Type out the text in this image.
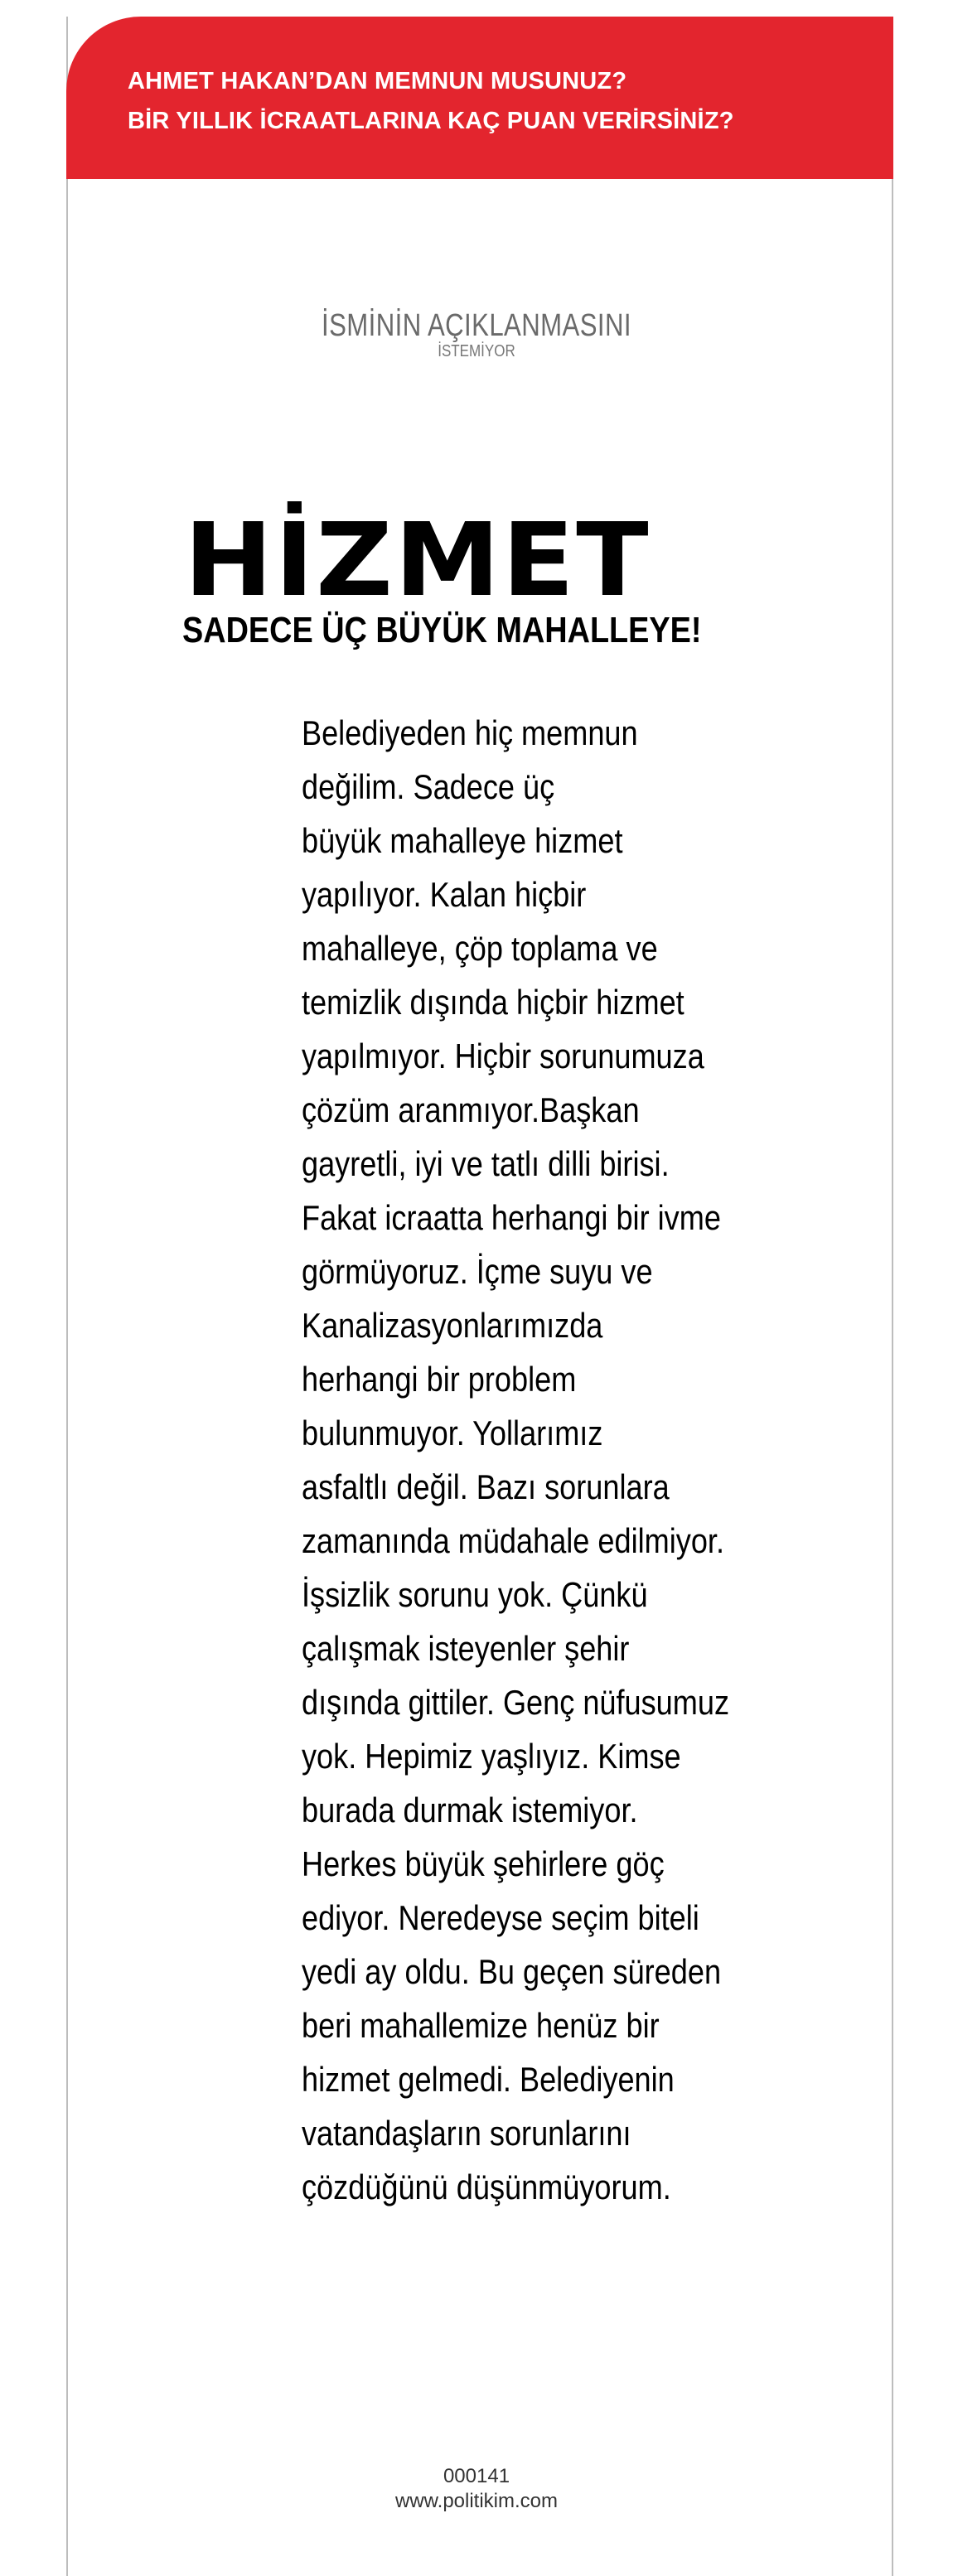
AHMET HAKAN’DAN MEMNUN MUSUNUZ?
BİR YILLIK İCRAATLARINA KAÇ PUAN VERİRSİNİZ?
İSMİNİN AÇIKLANMASINI
İSTEMİYOR
HİZMET
SADECE ÜÇ BÜYÜK MAHALLEYE!
Belediyeden hiç memnun
değilim. Sadece üç
büyük mahalleye hizmet
yapılıyor. Kalan hiçbir
mahalleye, çöp toplama ve
temizlik dışında hiçbir hizmet
yapılmıyor. Hiçbir sorunumuza
çözüm aranmıyor.Başkan
gayretli, iyi ve tatlı dilli birisi.
Fakat icraatta herhangi bir ivme
görmüyoruz. İçme suyu ve
Kanalizasyonlarımızda
herhangi bir problem
bulunmuyor. Yollarımız
asfaltlı değil. Bazı sorunlara
zamanında müdahale edilmiyor.
İşsizlik sorunu yok. Çünkü
çalışmak isteyenler şehir
dışında gittiler. Genç nüfusumuz
yok. Hepimiz yaşlıyız. Kimse
burada durmak istemiyor.
Herkes büyük şehirlere göç
ediyor. Neredeyse seçim biteli
yedi ay oldu. Bu geçen süreden
beri mahallemize henüz bir
hizmet gelmedi. Belediyenin
vatandaşların sorunlarını
çözdüğünü düşünmüyorum.
000141
www.politikim.com
